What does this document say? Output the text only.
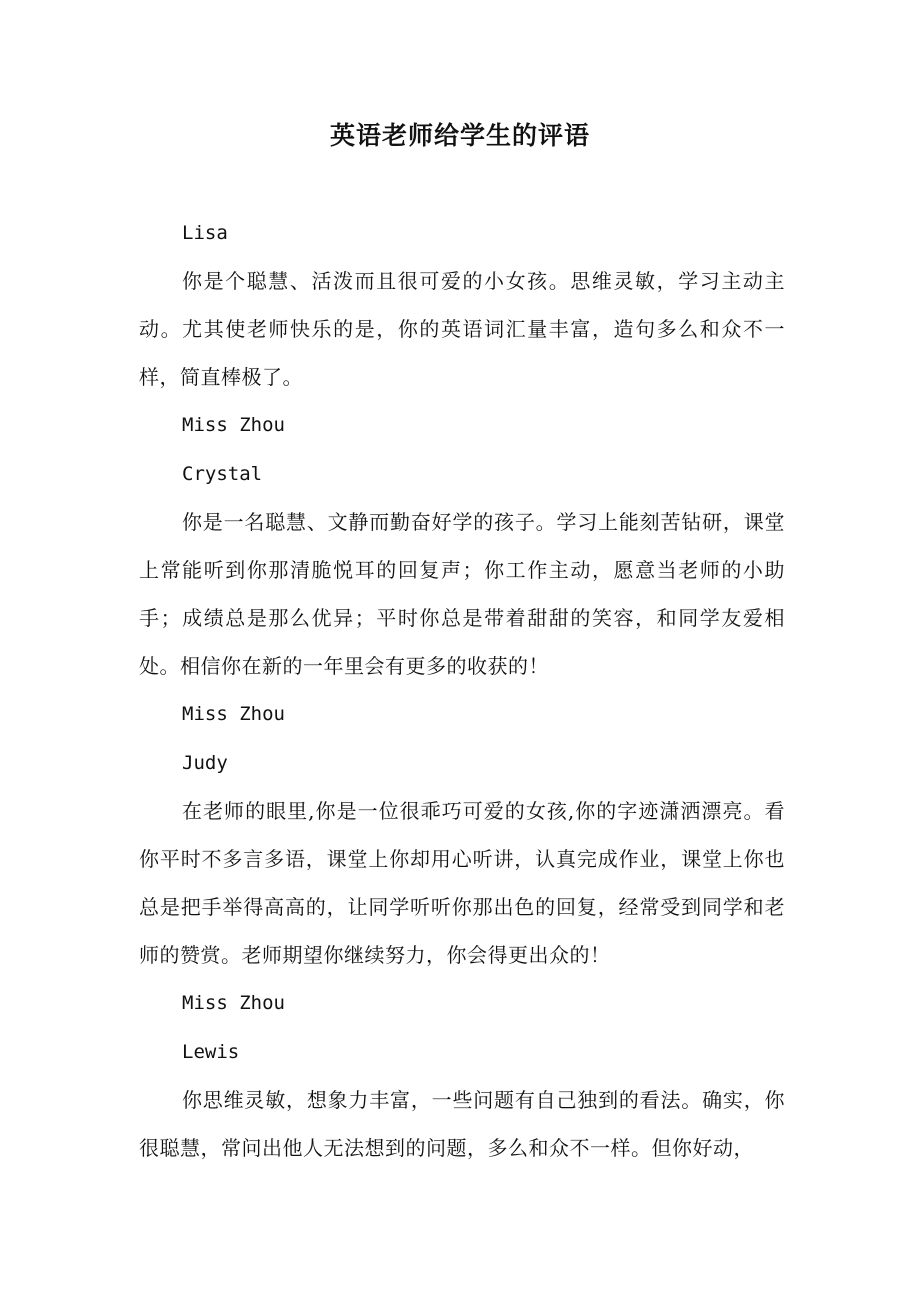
英语老师给学生的评语
Lisa
你是个聪慧、活泼而且很可爱的小女孩。思维灵敏，学习主动主动。尤其使老师快乐的是，你的英语词汇量丰富，造句多么和众不一样，简直棒极了。
Miss Zhou
Crystal
你是一名聪慧、文静而勤奋好学的孩子。学习上能刻苦钻研，课堂上常能听到你那清脆悦耳的回复声；你工作主动，愿意当老师的小助手；成绩总是那么优异；平时你总是带着甜甜的笑容，和同学友爱相处。相信你在新的一年里会有更多的收获的！
Miss Zhou
Judy
在老师的眼里,你是一位很乖巧可爱的女孩,你的字迹潇洒漂亮。看你平时不多言多语，课堂上你却用心听讲，认真完成作业，课堂上你也总是把手举得高高的，让同学听听你那出色的回复，经常受到同学和老师的赞赏。老师期望你继续努力，你会得更出众的！
Miss Zhou
Lewis
你思维灵敏，想象力丰富，一些问题有自己独到的看法。确实，你很聪慧，常问出他人无法想到的问题，多么和众不一样。但你好动，
